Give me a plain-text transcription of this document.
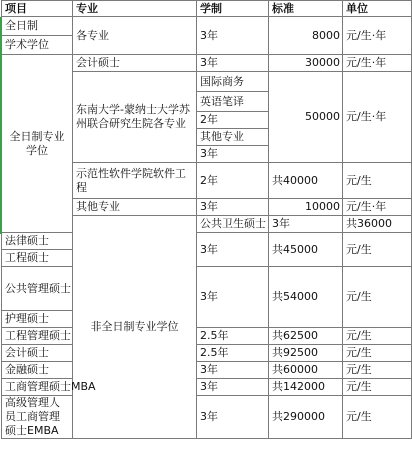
项目	专业	学制	标准	单位	
全日制	各专业	3年	8000	元/生·年	
学术学位					
全日制专业学位	会计硕士	3年	30000	元/生·年	
	东南大学-蒙纳士大学苏州联合研究生院各专业	国际商务	50000	元/生·年	
		英语笔译			
		2年			
		其他专业			
		3年			
	示范性软件学院软件工程	2年	共40000	元/生	
	其他专业	3年	10000	元/生·年	
	非全日制专业学位	公共卫生硕士	3年	共36000	
法律硕士		3年	共45000	元/生	
工程硕士					
公共管理硕士		3年	共54000	元/生	
护理硕士					
工程管理硕士		2.5年	共62500	元/生	
会计硕士		2.5年	共92500	元/生	
金融硕士		3年	共60000	元/生	
工商管理硕士MBA		3年	共142000	元/生	
高级管理人员工商管理硕士EMBA		3年	共290000	元/生	
